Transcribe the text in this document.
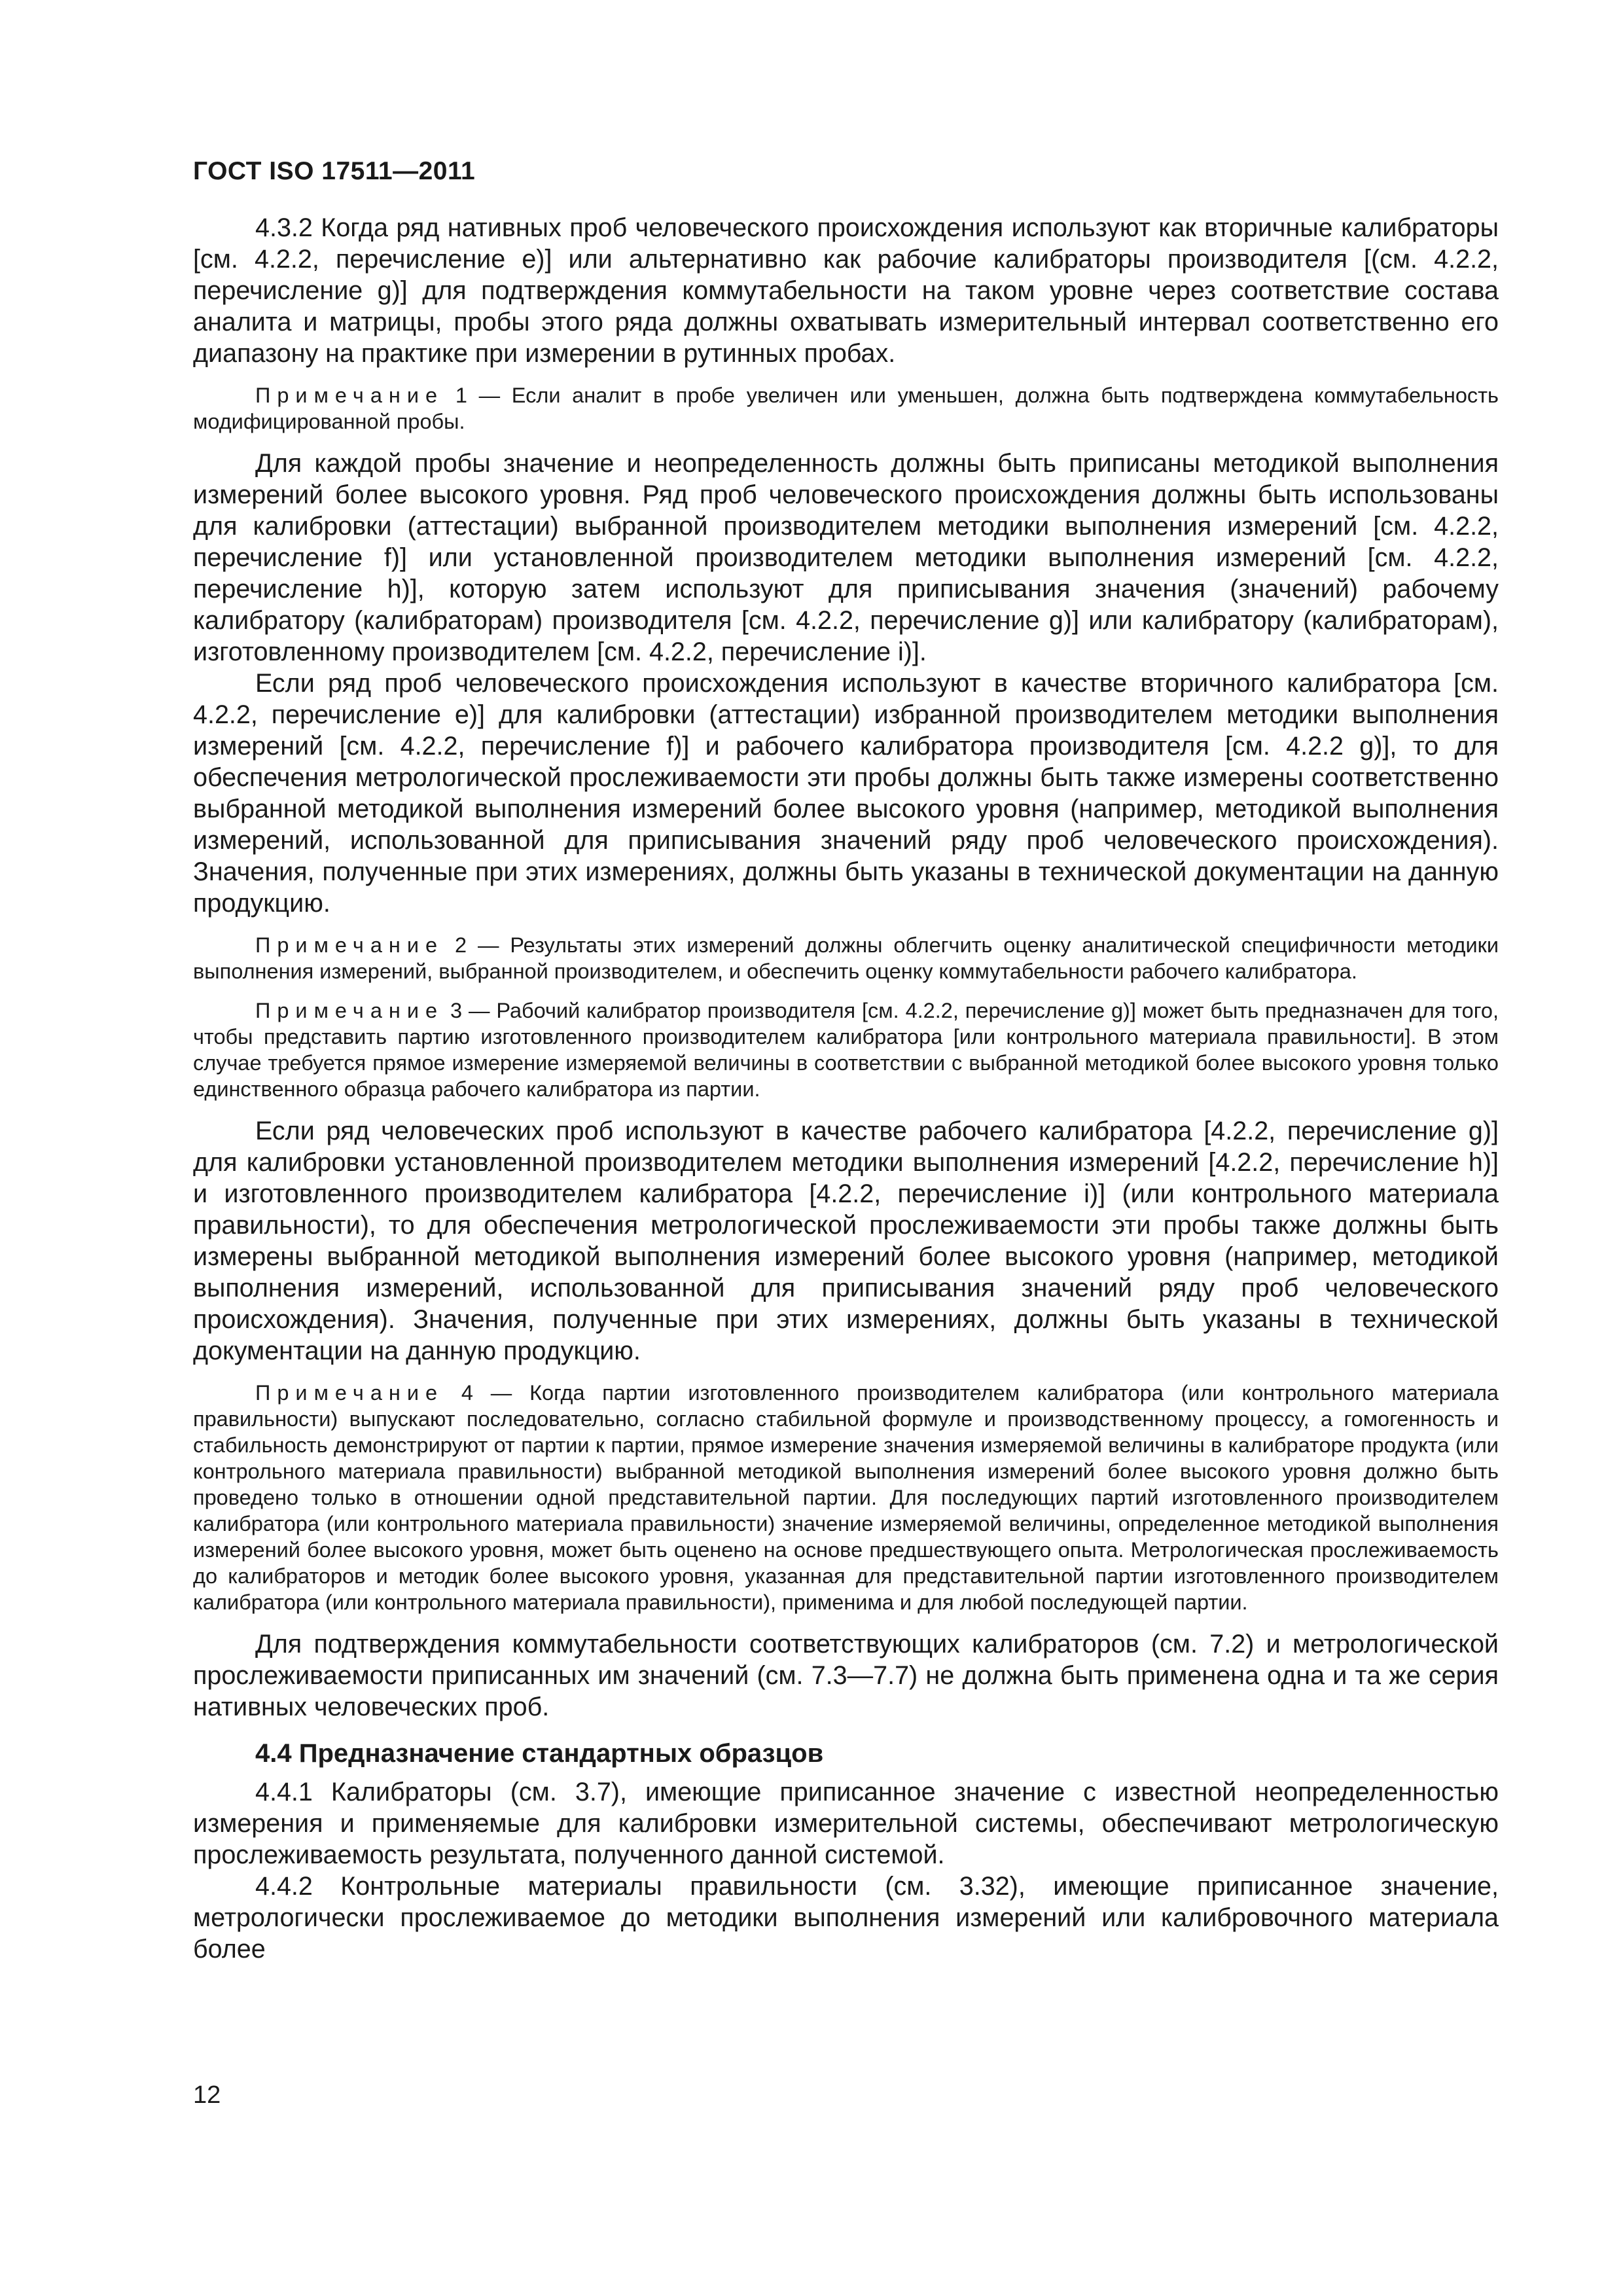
ГОСТ ISO 17511—2011

4.3.2 Когда ряд нативных проб человеческого происхождения используют как вторичные калибраторы [см. 4.2.2, перечисление e)] или альтернативно как рабочие калибраторы производителя [(см. 4.2.2, перечисление g)] для подтверждения коммутабельности на таком уровне через соответствие состава аналита и матрицы, пробы этого ряда должны охватывать измерительный интервал соответственно его диапазону на практике при измерении в рутинных пробах.

Примечание 1 — Если аналит в пробе увеличен или уменьшен, должна быть подтверждена коммутабельность модифицированной пробы.

Для каждой пробы значение и неопределенность должны быть приписаны методикой выполнения измерений более высокого уровня. Ряд проб человеческого происхождения должны быть использованы для калибровки (аттестации) выбранной производителем методики выполнения измерений [см. 4.2.2, перечисление f)] или установленной производителем методики выполнения измерений [см. 4.2.2, перечисление h)], которую затем используют для приписывания значения (значений) рабочему калибратору (калибраторам) производителя [см. 4.2.2, перечисление g)] или калибратору (калибраторам), изготовленному производителем [см. 4.2.2, перечисление i)].

Если ряд проб человеческого происхождения используют в качестве вторичного калибратора [см. 4.2.2, перечисление e)] для калибровки (аттестации) избранной производителем методики выполнения измерений [см. 4.2.2, перечисление f)] и рабочего калибратора производителя [см. 4.2.2 g)], то для обеспечения метрологической прослеживаемости эти пробы должны быть также измерены соответственно выбранной методикой выполнения измерений более высокого уровня (например, методикой выполнения измерений, использованной для приписывания значений ряду проб человеческого происхождения). Значения, полученные при этих измерениях, должны быть указаны в технической документации на данную продукцию.

Примечание 2 — Результаты этих измерений должны облегчить оценку аналитической специфичности методики выполнения измерений, выбранной производителем, и обеспечить оценку коммутабельности рабочего калибратора.

Примечание 3 — Рабочий калибратор производителя [см. 4.2.2, перечисление g)] может быть предназначен для того, чтобы представить партию изготовленного производителем калибратора [или контрольного материала правильности]. В этом случае требуется прямое измерение измеряемой величины в соответствии с выбранной методикой более высокого уровня только единственного образца рабочего калибратора из партии.

Если ряд человеческих проб используют в качестве рабочего калибратора [4.2.2, перечисление g)] для калибровки установленной производителем методики выполнения измерений [4.2.2, перечисление h)] и изготовленного производителем калибратора [4.2.2, перечисление i)] (или контрольного материала правильности), то для обеспечения метрологической прослеживаемости эти пробы также должны быть измерены выбранной методикой выполнения измерений более высокого уровня (например, методикой выполнения измерений, использованной для приписывания значений ряду проб человеческого происхождения). Значения, полученные при этих измерениях, должны быть указаны в технической документации на данную продукцию.

Примечание 4 — Когда партии изготовленного производителем калибратора (или контрольного материала правильности) выпускают последовательно, согласно стабильной формуле и производственному процессу, а гомогенность и стабильность демонстрируют от партии к партии, прямое измерение значения измеряемой величины в калибраторе продукта (или контрольного материала правильности) выбранной методикой выполнения измерений более высокого уровня должно быть проведено только в отношении одной представительной партии. Для последующих партий изготовленного производителем калибратора (или контрольного материала правильности) значение измеряемой величины, определенное методикой выполнения измерений более высокого уровня, может быть оценено на основе предшествующего опыта. Метрологическая прослеживаемость до калибраторов и методик более высокого уровня, указанная для представительной партии изготовленного производителем калибратора (или контрольного материала правильности), применима и для любой последующей партии.

Для подтверждения коммутабельности соответствующих калибраторов (см. 7.2) и метрологической прослеживаемости приписанных им значений (см. 7.3—7.7) не должна быть применена одна и та же серия нативных человеческих проб.

4.4 Предназначение стандартных образцов

4.4.1 Калибраторы (см. 3.7), имеющие приписанное значение с известной неопределенностью измерения и применяемые для калибровки измерительной системы, обеспечивают метрологическую прослеживаемость результата, полученного данной системой.

4.4.2 Контрольные материалы правильности (см. 3.32), имеющие приписанное значение, метрологически прослеживаемое до методики выполнения измерений или калибровочного материала более

12
